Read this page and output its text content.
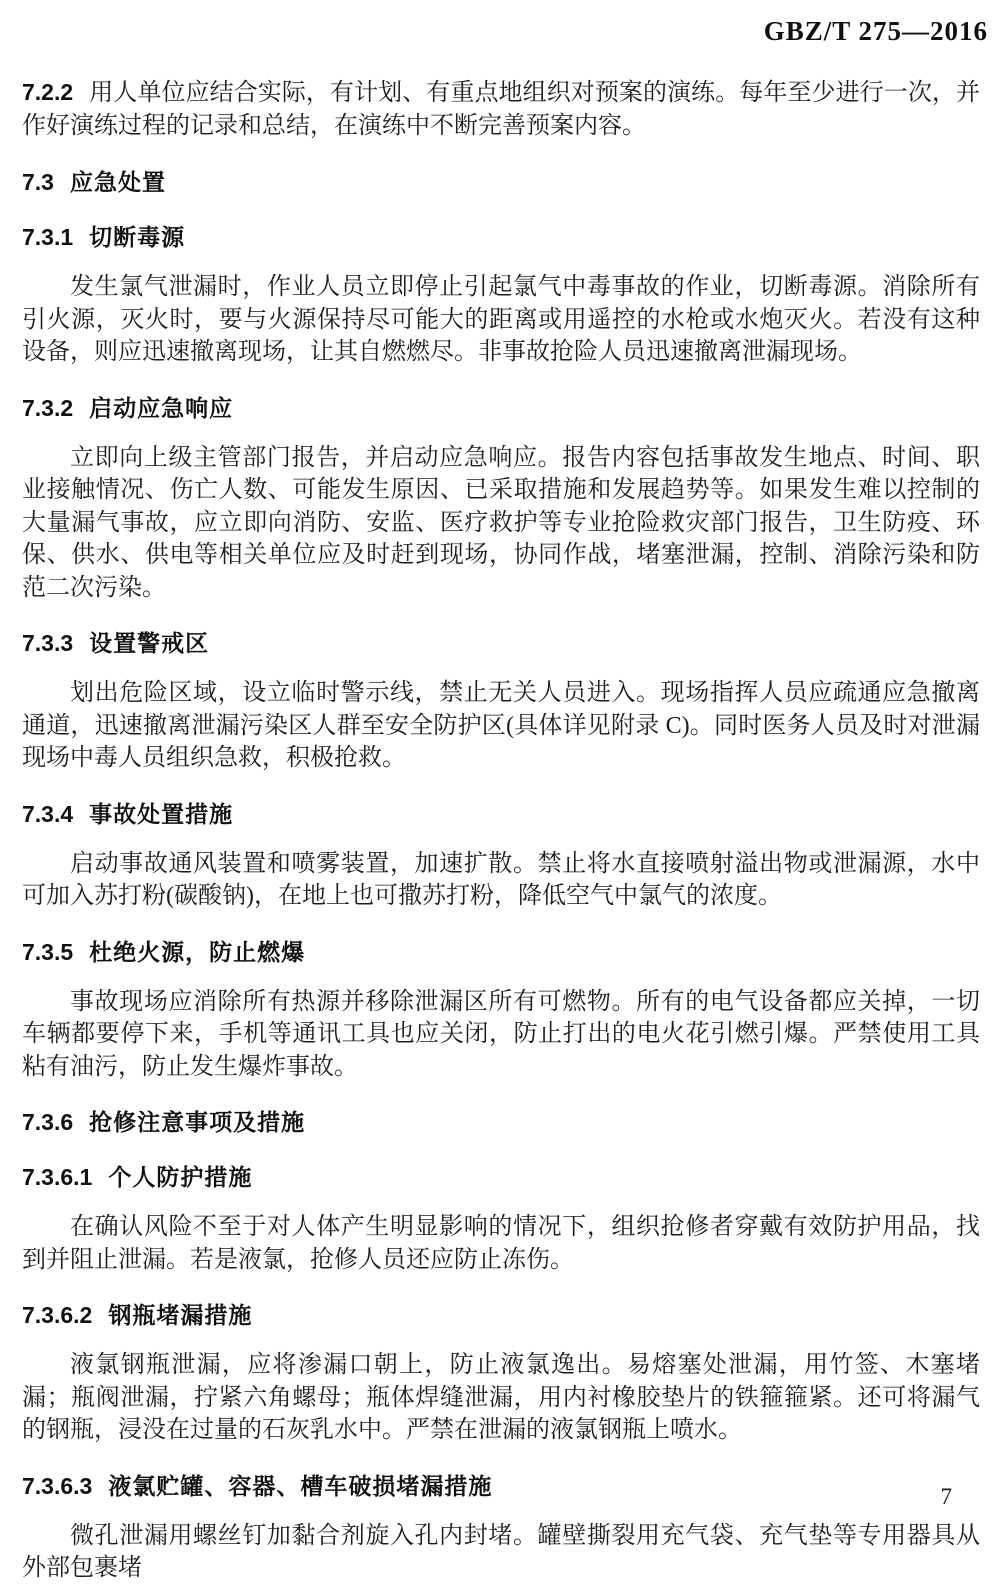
GBZ/T 275—2016

7.2.2 用人单位应结合实际，有计划、有重点地组织对预案的演练。每年至少进行一次，并作好演练过程的记录和总结，在演练中不断完善预案内容。

7.3 应急处置
7.3.1 切断毒源

发生氯气泄漏时，作业人员立即停止引起氯气中毒事故的作业，切断毒源。消除所有引火源，灭火时，要与火源保持尽可能大的距离或用遥控的水枪或水炮灭火。若没有这种设备，则应迅速撤离现场，让其自燃燃尽。非事故抢险人员迅速撤离泄漏现场。

7.3.2 启动应急响应

立即向上级主管部门报告，并启动应急响应。报告内容包括事故发生地点、时间、职业接触情况、伤亡人数、可能发生原因、已采取措施和发展趋势等。如果发生难以控制的大量漏气事故，应立即向消防、安监、医疗救护等专业抢险救灾部门报告，卫生防疫、环保、供水、供电等相关单位应及时赶到现场，协同作战，堵塞泄漏，控制、消除污染和防范二次污染。

7.3.3 设置警戒区

划出危险区域，设立临时警示线，禁止无关人员进入。现场指挥人员应疏通应急撤离通道，迅速撤离泄漏污染区人群至安全防护区(具体详见附录 C)。同时医务人员及时对泄漏现场中毒人员组织急救，积极抢救。

7.3.4 事故处置措施

启动事故通风装置和喷雾装置，加速扩散。禁止将水直接喷射溢出物或泄漏源，水中可加入苏打粉(碳酸钠)，在地上也可撒苏打粉，降低空气中氯气的浓度。

7.3.5 杜绝火源，防止燃爆

事故现场应消除所有热源并移除泄漏区所有可燃物。所有的电气设备都应关掉，一切车辆都要停下来，手机等通讯工具也应关闭，防止打出的电火花引燃引爆。严禁使用工具粘有油污，防止发生爆炸事故。

7.3.6 抢修注意事项及措施
7.3.6.1 个人防护措施

在确认风险不至于对人体产生明显影响的情况下，组织抢修者穿戴有效防护用品，找到并阻止泄漏。若是液氯，抢修人员还应防止冻伤。

7.3.6.2 钢瓶堵漏措施

液氯钢瓶泄漏，应将渗漏口朝上，防止液氯逸出。易熔塞处泄漏，用竹签、木塞堵漏；瓶阀泄漏，拧紧六角螺母；瓶体焊缝泄漏，用内衬橡胶垫片的铁箍箍紧。还可将漏气的钢瓶，浸没在过量的石灰乳水中。严禁在泄漏的液氯钢瓶上喷水。

7.3.6.3 液氯贮罐、容器、槽车破损堵漏措施

微孔泄漏用螺丝钉加黏合剂旋入孔内封堵。罐壁撕裂用充气袋、充气垫等专用器具从外部包裹堵

7
